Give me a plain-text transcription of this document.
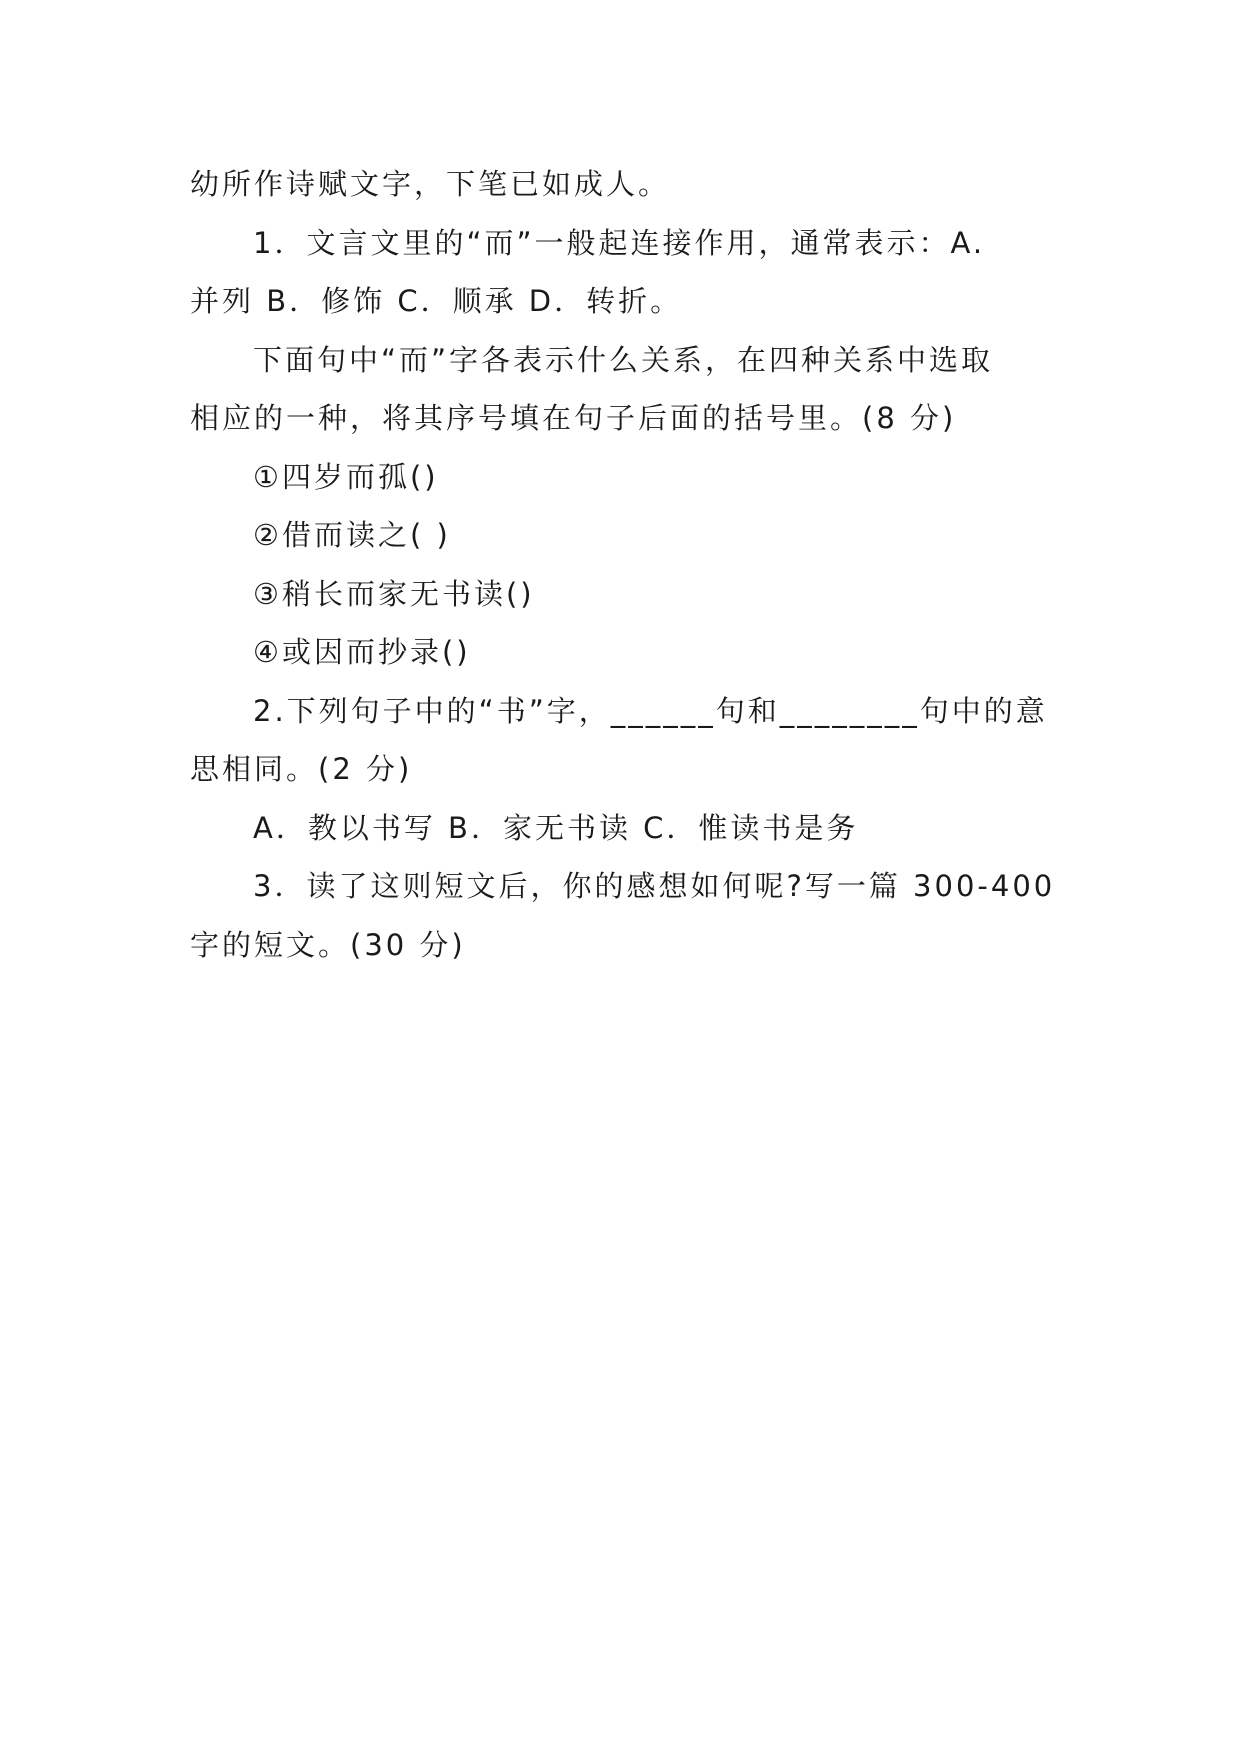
幼所作诗赋文字，下笔已如成人。
1．文言文里的“而”一般起连接作用，通常表示：A.
并列 B．修饰 C．顺承 D．转折。
下面句中“而”字各表示什么关系，在四种关系中选取
相应的一种，将其序号填在句子后面的括号里。(8 分)
①四岁而孤()
②借而读之( )
③稍长而家无书读()
④或因而抄录()
2.下列句子中的“书”字，______句和________句中的意
思相同。(2 分)
A．教以书写 B．家无书读 C．惟读书是务
3．读了这则短文后，你的感想如何呢?写一篇 300-400
字的短文。(30 分)
